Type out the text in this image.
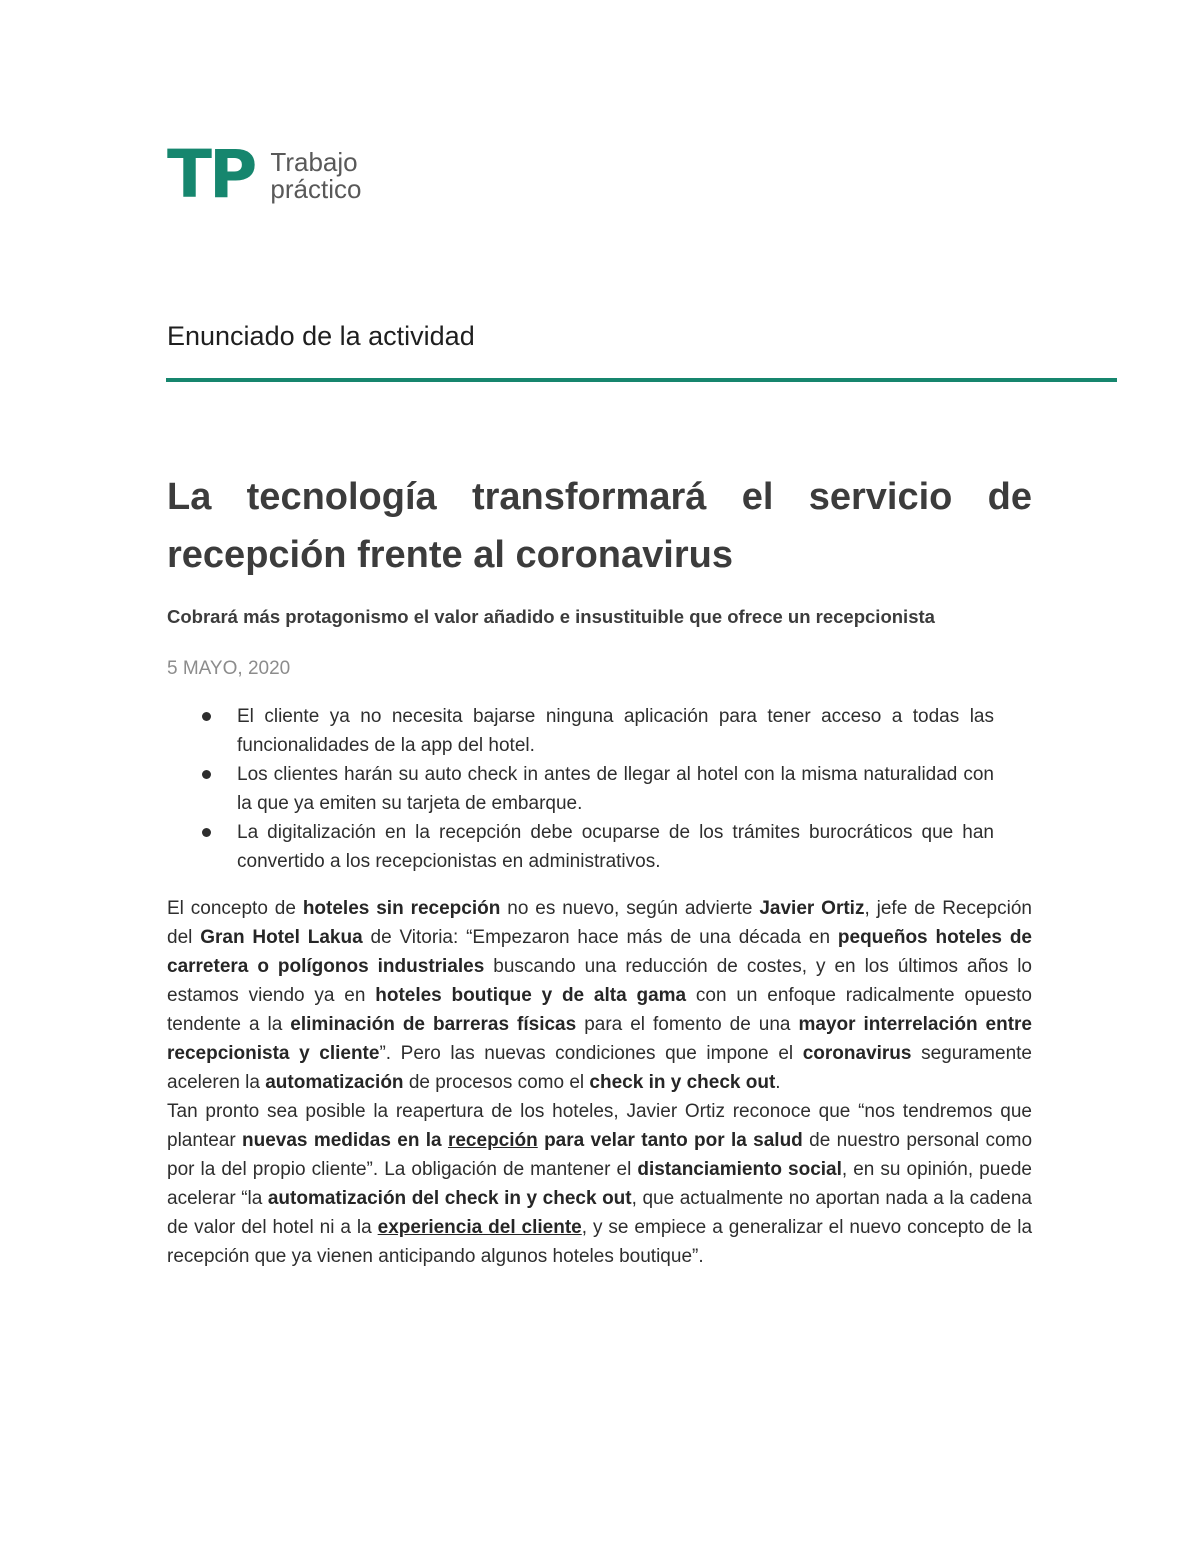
TP Trabajo
práctico
Enunciado de la actividad
La tecnología transformará el servicio de recepción frente al coronavirus

Cobrará más protagonismo el valor añadido e insustituible que ofrece un recepcionista

5 MAYO, 2020

El cliente ya no necesita bajarse ninguna aplicación para tener acceso a todas las funcionalidades de la app del hotel.
Los clientes harán su auto check in antes de llegar al hotel con la misma naturalidad con la que ya emiten su tarjeta de embarque.
La digitalización en la recepción debe ocuparse de los trámites burocráticos que han convertido a los recepcionistas en administrativos.

El concepto de hoteles sin recepción no es nuevo, según advierte Javier Ortiz, jefe de Recepción del Gran Hotel Lakua de Vitoria: “Empezaron hace más de una década en pequeños hoteles de carretera o polígonos industriales buscando una reducción de costes, y en los últimos años lo estamos viendo ya en hoteles boutique y de alta gama con un enfoque radicalmente opuesto tendente a la eliminación de barreras físicas para el fomento de una mayor interrelación entre recepcionista y cliente”. Pero las nuevas condiciones que impone el coronavirus seguramente aceleren la automatización de procesos como el check in y check out.

Tan pronto sea posible la reapertura de los hoteles, Javier Ortiz reconoce que “nos tendremos que plantear nuevas medidas en la recepción para velar tanto por la salud de nuestro personal como por la del propio cliente”. La obligación de mantener el distanciamiento social, en su opinión, puede acelerar “la automatización del check in y check out, que actualmente no aportan nada a la cadena de valor del hotel ni a la experiencia del cliente, y se empiece a generalizar el nuevo concepto de la recepción que ya vienen anticipando algunos hoteles boutique”.
